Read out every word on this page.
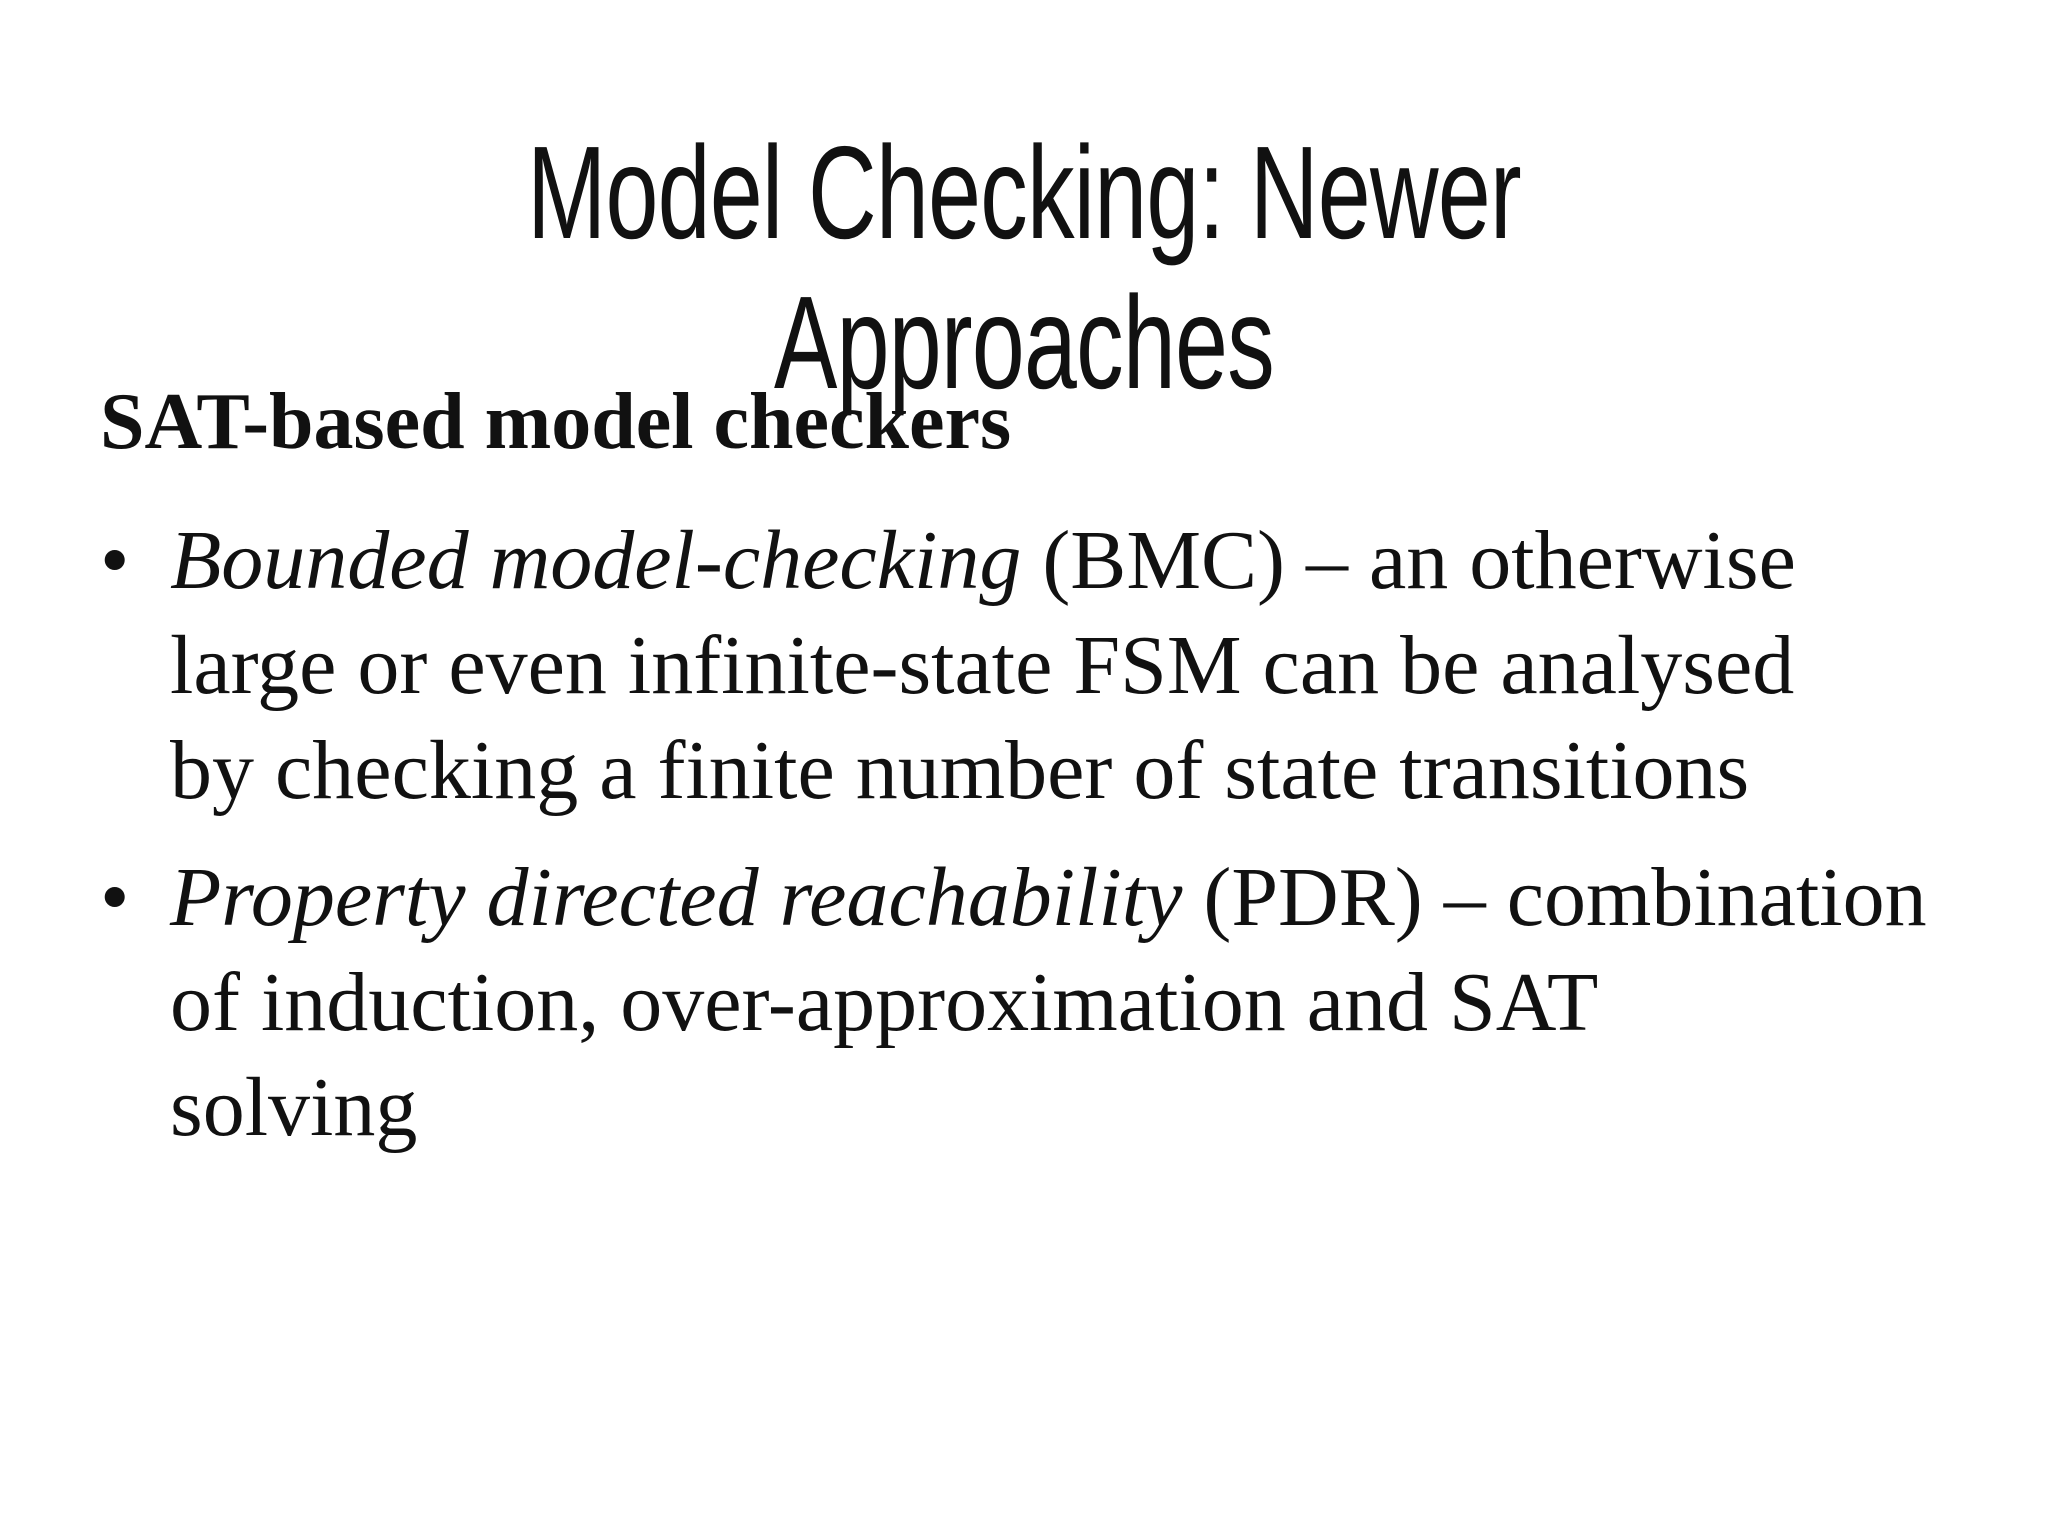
Model Checking: Newer Approaches
SAT-based model checkers
• Bounded model-checking (BMC) – an otherwise
large or even infinite-state FSM can be analysed
by checking a finite number of state transitions
• Property directed reachability (PDR) – combination
of induction, over-approximation and SAT
solving
